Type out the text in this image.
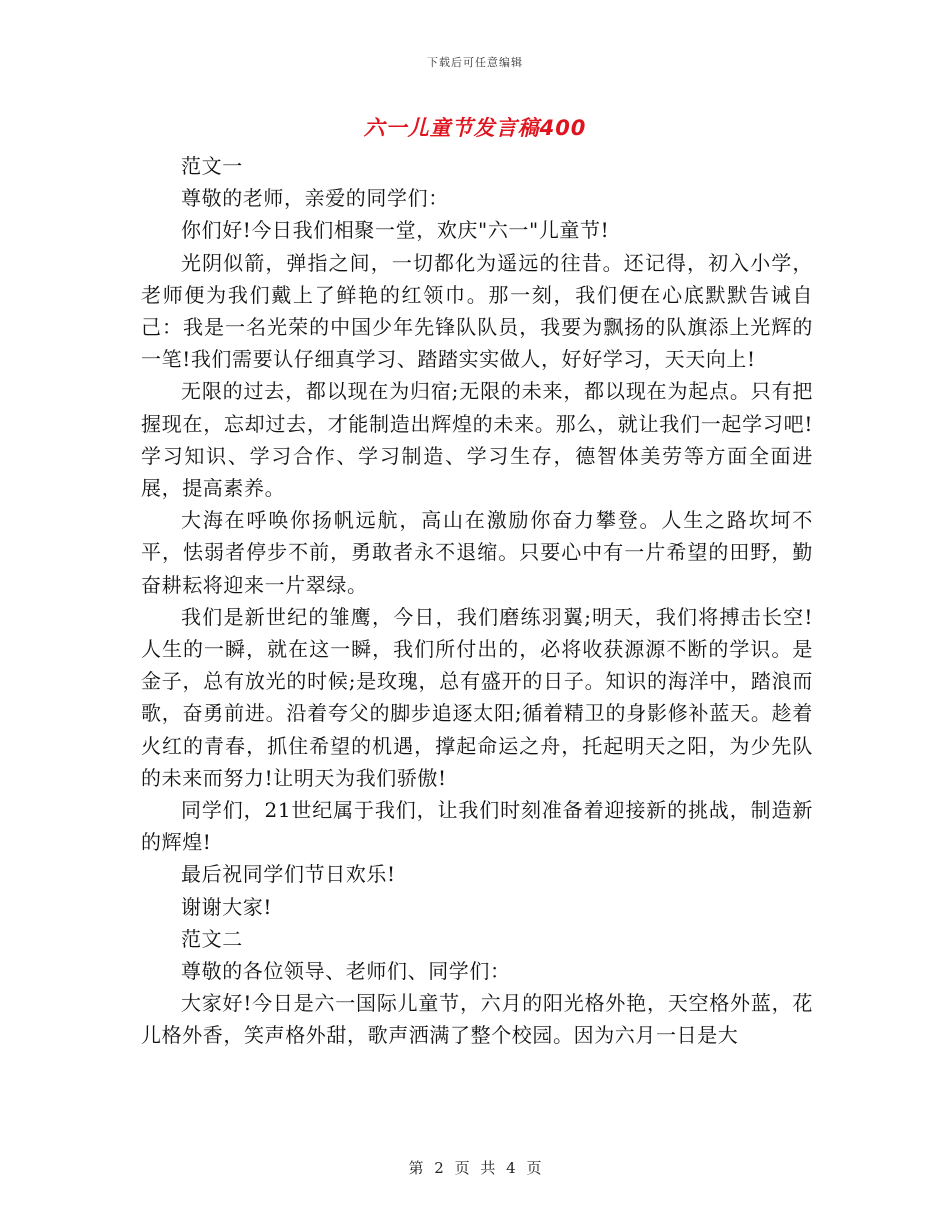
下载后可任意编辑
六一儿童节发言稿400

范文一

尊敬的老师，亲爱的同学们：

你们好!今日我们相聚一堂，欢庆"六一"儿童节!

光阴似箭，弹指之间，一切都化为遥远的往昔。还记得，初入小学，老师便为我们戴上了鲜艳的红领巾。那一刻，我们便在心底默默告诫自己：我是一名光荣的中国少年先锋队队员，我要为飘扬的队旗添上光辉的一笔!我们需要认仔细真学习、踏踏实实做人，好好学习，天天向上!

无限的过去，都以现在为归宿;无限的未来，都以现在为起点。只有把握现在，忘却过去，才能制造出辉煌的未来。那么，就让我们一起学习吧!学习知识、学习合作、学习制造、学习生存，德智体美劳等方面全面进展，提高素养。

大海在呼唤你扬帆远航，高山在激励你奋力攀登。人生之路坎坷不平，怯弱者停步不前，勇敢者永不退缩。只要心中有一片希望的田野，勤奋耕耘将迎来一片翠绿。

我们是新世纪的雏鹰，今日，我们磨练羽翼;明天，我们将搏击长空!人生的一瞬，就在这一瞬，我们所付出的，必将收获源源不断的学识。是金子，总有放光的时候;是玫瑰，总有盛开的日子。知识的海洋中，踏浪而歌，奋勇前进。沿着夸父的脚步追逐太阳;循着精卫的身影修补蓝天。趁着火红的青春，抓住希望的机遇，撑起命运之舟，托起明天之阳，为少先队的未来而努力!让明天为我们骄傲!

同学们，21世纪属于我们，让我们时刻准备着迎接新的挑战，制造新的辉煌!

最后祝同学们节日欢乐!

谢谢大家!

范文二

尊敬的各位领导、老师们、同学们：

大家好!今日是六一国际儿童节，六月的阳光格外艳，天空格外蓝，花儿格外香，笑声格外甜，歌声洒满了整个校园。因为六月一日是大

第 2 页 共 4 页
